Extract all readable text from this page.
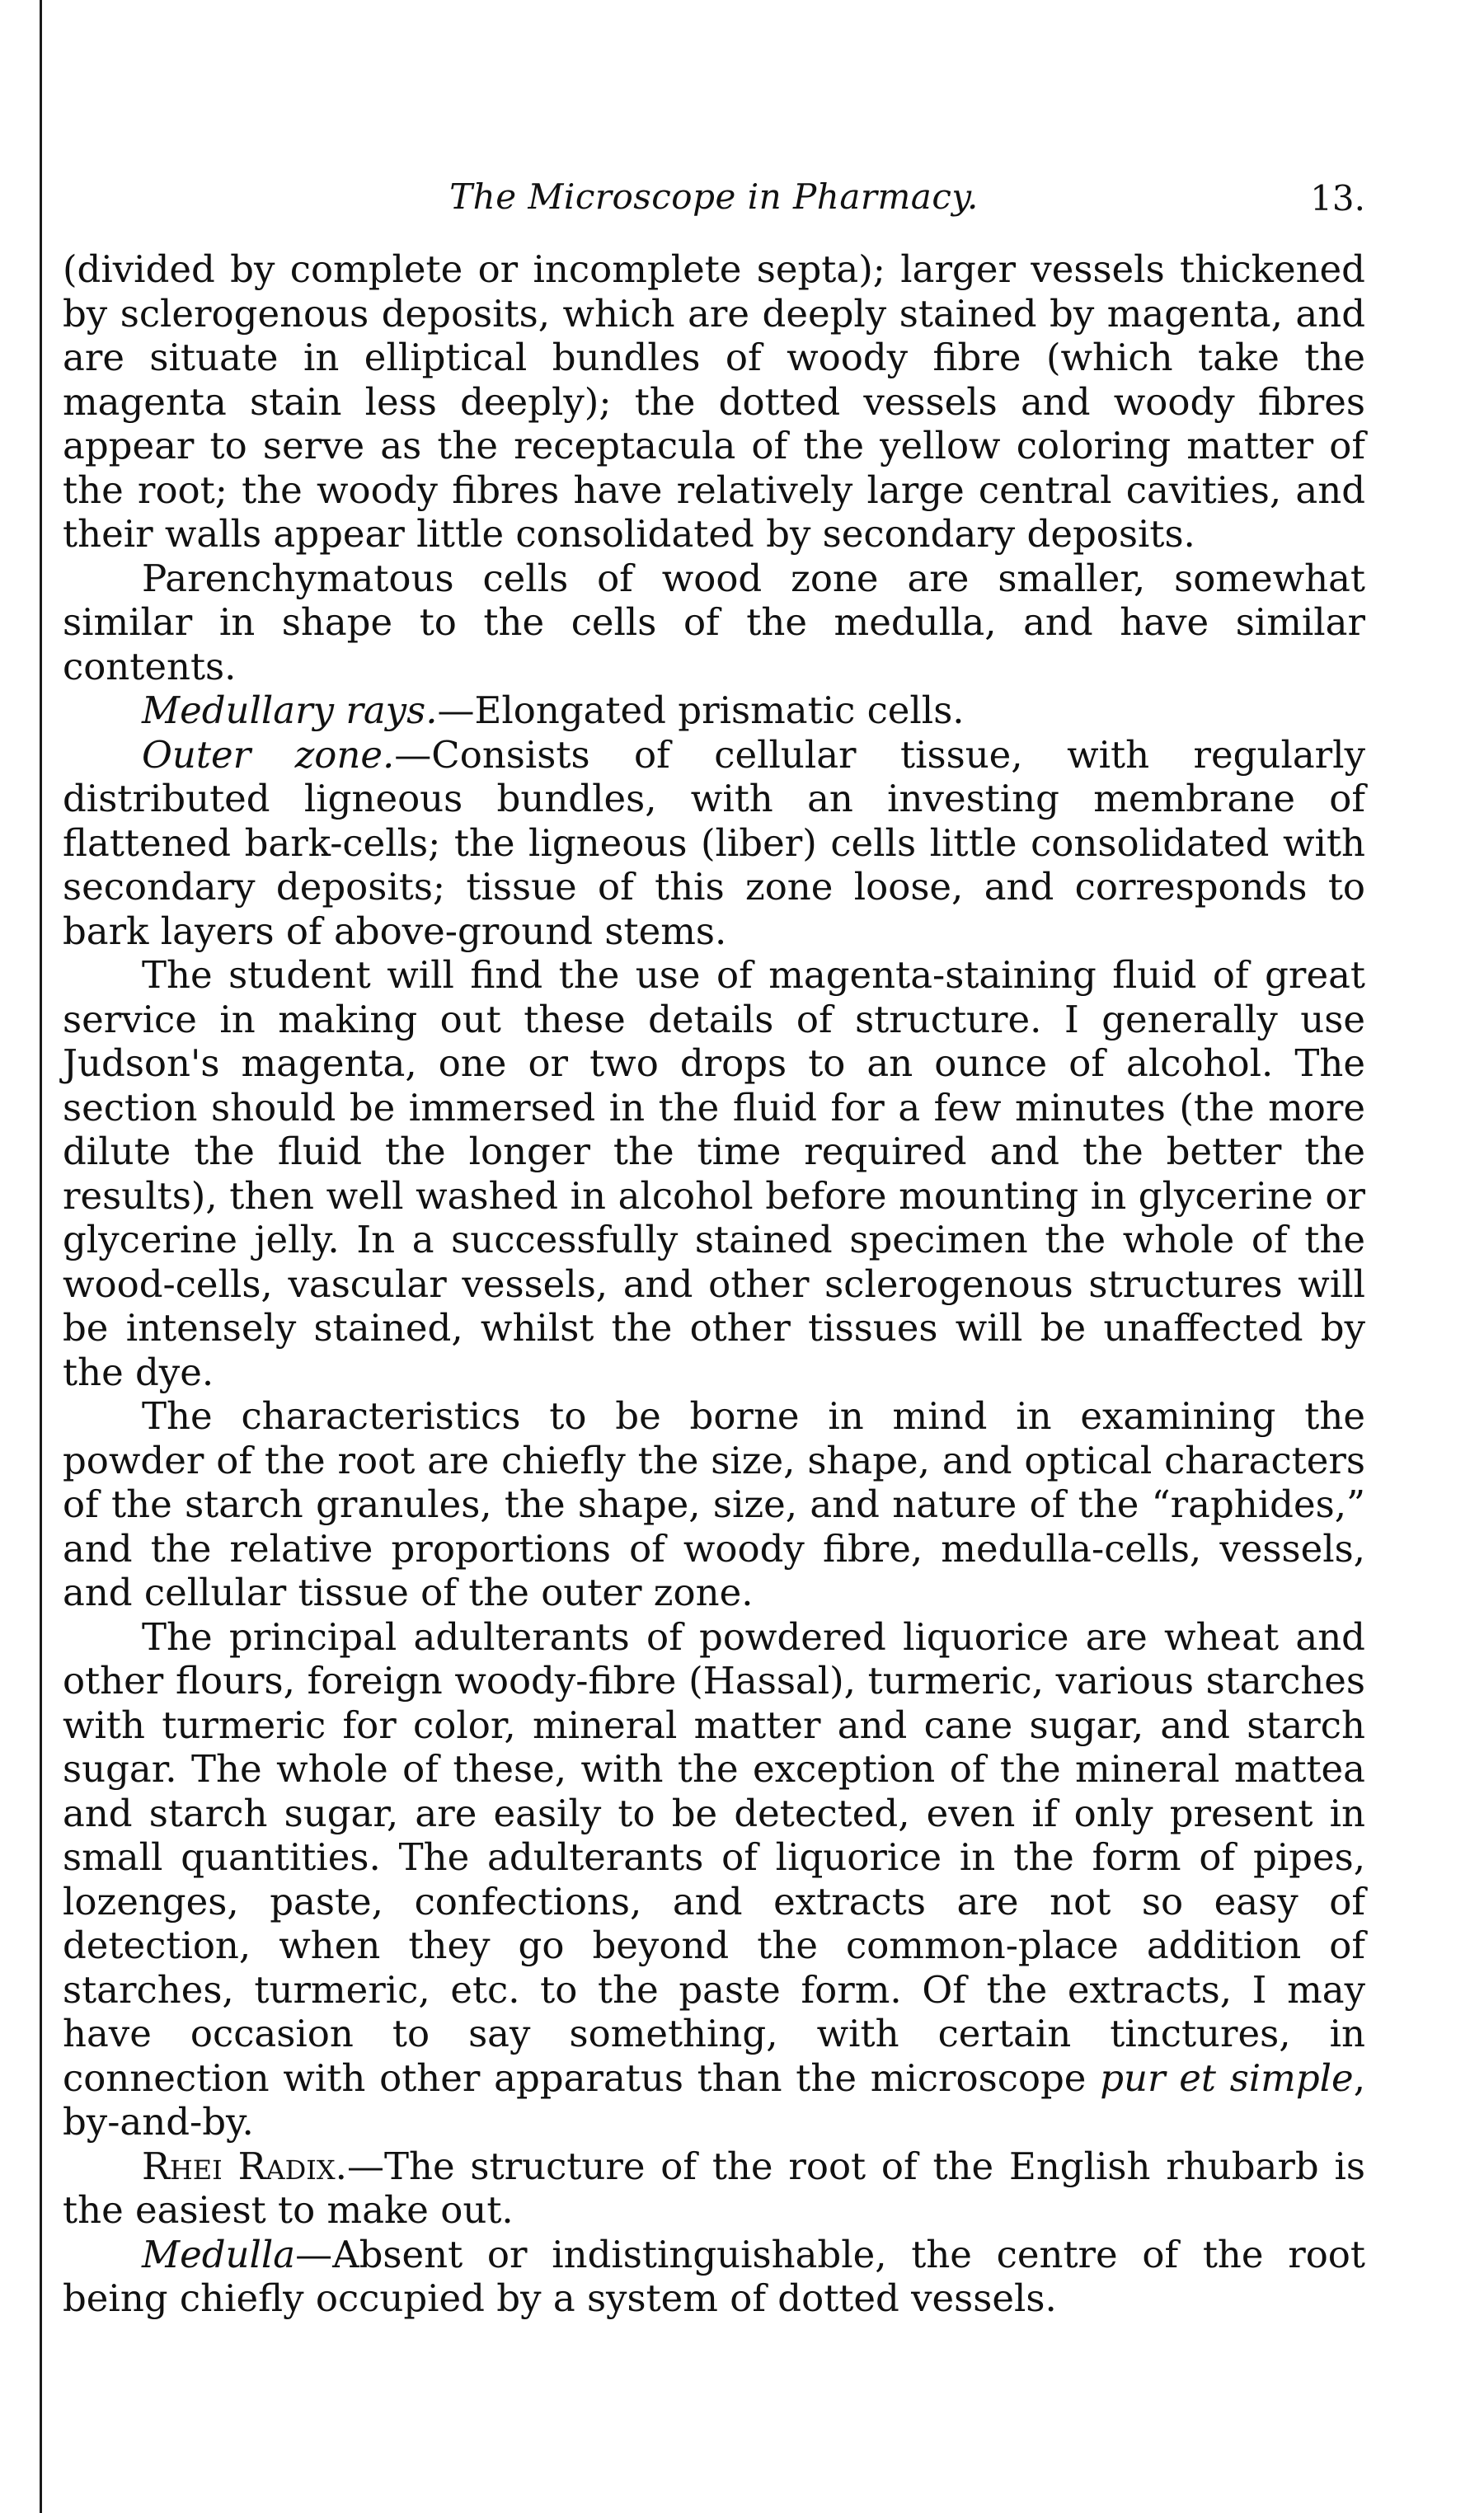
The Microscope in Pharmacy.	13.

(divided by complete or incomplete septa); larger vessels thickened by sclerogenous deposits, which are deeply stained by magenta, and are situate in elliptical bundles of woody fibre (which take the magenta stain less deeply); the dotted vessels and woody fibres appear to serve as the receptacula of the yellow coloring matter of the root; the woody fibres have relatively large central cavities, and their walls appear little consolidated by secondary deposits.

Parenchymatous cells of wood zone are smaller, somewhat similar in shape to the cells of the medulla, and have similar contents.

Medullary rays.—Elongated prismatic cells.

Outer zone.—Consists of cellular tissue, with regularly distributed ligneous bundles, with an investing membrane of flattened bark-cells; the ligneous (liber) cells little consolidated with secondary deposits; tissue of this zone loose, and corresponds to bark layers of above-ground stems.

The student will find the use of magenta-staining fluid of great service in making out these details of structure. I generally use Judson's magenta, one or two drops to an ounce of alcohol. The section should be immersed in the fluid for a few minutes (the more dilute the fluid the longer the time required and the better the results), then well washed in alcohol before mounting in glycerine or glycerine jelly. In a successfully stained specimen the whole of the wood-cells, vascular vessels, and other sclerogenous structures will be intensely stained, whilst the other tissues will be unaffected by the dye.

The characteristics to be borne in mind in examining the powder of the root are chiefly the size, shape, and optical characters of the starch granules, the shape, size, and nature of the “raphides,” and the relative proportions of woody fibre, medulla-cells, vessels, and cellular tissue of the outer zone.

The principal adulterants of powdered liquorice are wheat and other flours, foreign woody-fibre (Hassal), turmeric, various starches with turmeric for color, mineral matter and cane sugar, and starch sugar. The whole of these, with the exception of the mineral mattea and starch sugar, are easily to be detected, even if only present in small quantities. The adulterants of liquorice in the form of pipes, lozenges, paste, confections, and extracts are not so easy of detection, when they go beyond the common-place addition of starches, turmeric, etc. to the paste form. Of the extracts, I may have occasion to say something, with certain tinctures, in connection with other apparatus than the microscope pur et simple, by-and-by.

Rhei Radix.—The structure of the root of the English rhubarb is the easiest to make out.

Medulla—Absent or indistinguishable, the centre of the root being chiefly occupied by a system of dotted vessels.
